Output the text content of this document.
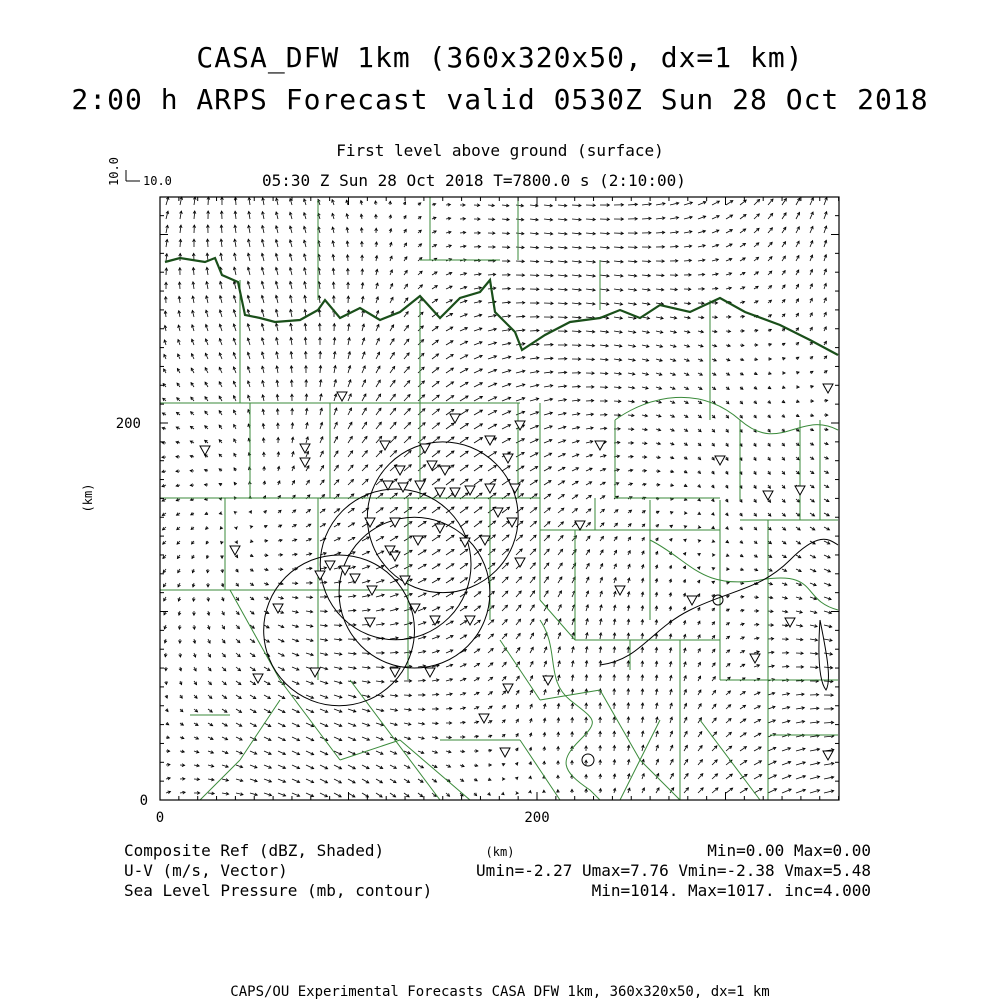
CASA_DFW 1km (360x320x50, dx=1 km)
2:00 h ARPS Forecast valid 0530Z Sun 28 Oct 2018
First level above ground (surface)
05:30 Z Sun 28 Oct 2018 T=7800.0 s (2:10:00)
10.0 10.0
200
0
0	200
(km)
(km)
Composite Ref (dBZ, Shaded)	Min=0.00 Max=0.00
U-V (m/s, Vector)	Umin=-2.27 Umax=7.76 Vmin=-2.38 Vmax=5.48
Sea Level Pressure (mb, contour)	Min=1014. Max=1017. inc=4.000
CAPS/OU Experimental Forecasts CASA DFW 1km, 360x320x50, dx=1 km
